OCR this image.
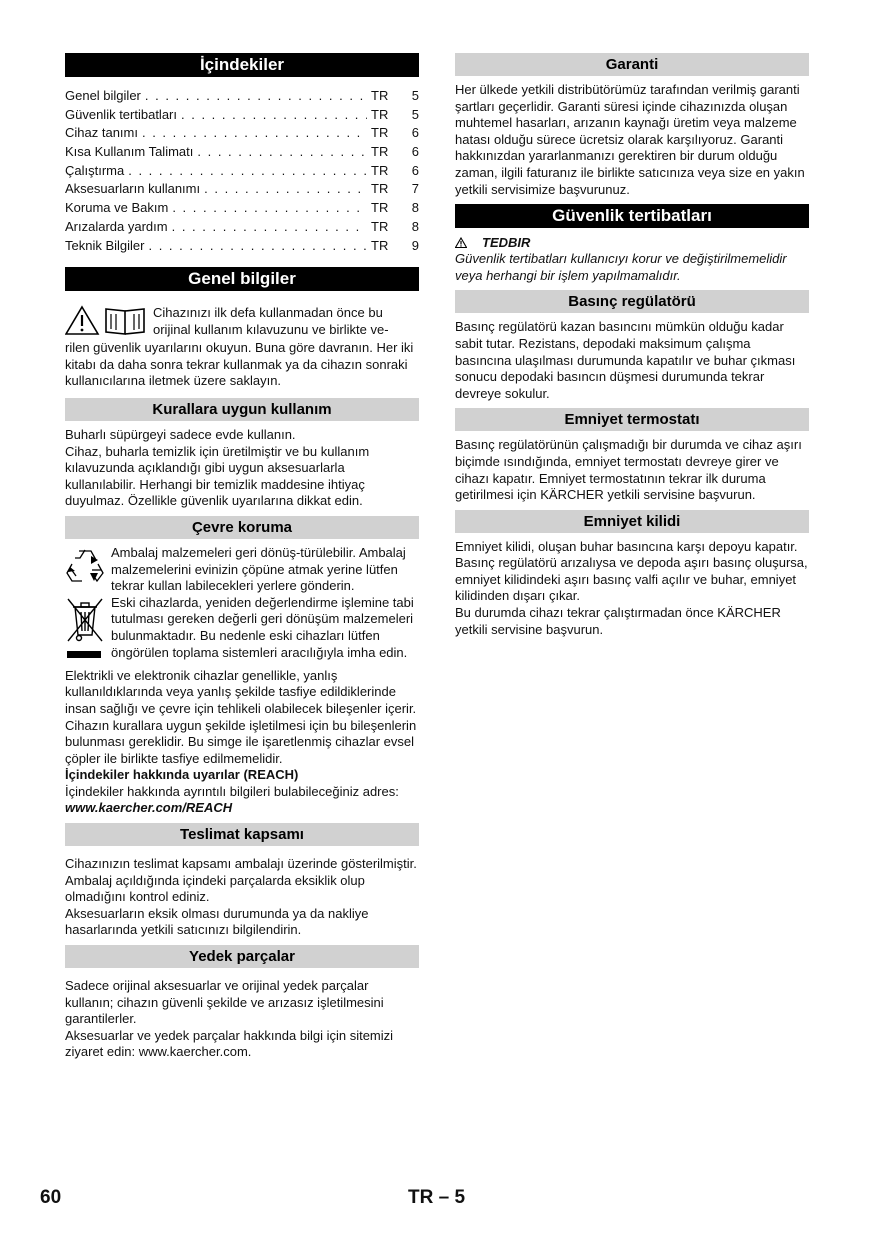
İçindekiler
Genel bilgiler . . .	TR	5
Güvenlik tertibatları . . .	TR	5
Cihaz tanımı . . .	TR	6
Kısa Kullanım Talimatı . . .	TR	6
Çalıştırma . . .	TR	6
Aksesuarların kullanımı . . .	TR	7
Koruma ve Bakım . . .	TR	8
Arızalarda yardım . . .	TR	8
Teknik Bilgiler . . .	TR	9
Genel bilgiler

Cihazınızı ilk defa kullanmadan önce bu orijinal kullanım kılavuzunu ve birlikte ve-

rilen güvenlik uyarılarını okuyun. Buna göre davranın. Her iki kitabı da daha sonra tekrar kullanmak ya da cihazın sonraki kullanıcılarına iletmek üzere saklayın.

Kurallara uygun kullanım

Buharlı süpürgeyi sadece evde kullanın.

Cihaz, buharla temizlik için üretilmiştir ve bu kullanım kılavuzunda açıklandığı gibi uygun aksesuarlarla kullanılabilir. Herhangi bir temizlik maddesine ihtiyaç duyulmaz. Özellikle güvenlik uyarılarına dikkat edin.

Çevre koruma

Ambalaj malzemeleri geri dönüş-türülebilir. Ambalaj malzemelerini evinizin çöpüne atmak yerine lütfen tekrar kullan labilecekleri yerlere gönderin.

Eski cihazlarda, yeniden değerlendirme işlemine tabi tutulması gereken değerli geri dönüşüm malzemeleri bulunmaktadır. Bu nedenle eski cihazları lütfen öngörülen toplama sistemleri aracılığıyla imha edin.

Elektrikli ve elektronik cihazlar genellikle, yanlış kullanıldıklarında veya yanlış şekilde tasfiye edildiklerinde insan sağlığı ve çevre için tehlikeli olabilecek bileşenler içerir. Cihazın kurallara uygun şekilde işletilmesi için bu bileşenlerin bulunması gereklidir. Bu simge ile işaretlenmiş cihazlar evsel çöpler ile birlikte tasfiye edilmemelidir.

İçindekiler hakkında uyarılar (REACH)

İçindekiler hakkında ayrıntılı bilgileri bulabileceğiniz adres:

www.kaercher.com/REACH

Teslimat kapsamı

Cihazınızın teslimat kapsamı ambalajı üzerinde gösterilmiştir. Ambalaj açıldığında içindeki parçalarda eksiklik olup olmadığını kontrol ediniz.

Aksesuarların eksik olması durumunda ya da nakliye hasarlarında yetkili satıcınızı bilgilendirin.

Yedek parçalar

Sadece orijinal aksesuarlar ve orijinal yedek parçalar kullanın; cihazın güvenli şekilde ve arızasız işletilmesini garantilerler.

Aksesuarlar ve yedek parçalar hakkında bilgi için sitemizi ziyaret edin: www.kaercher.com.

Garanti

Her ülkede yetkili distribütörümüz tarafından verilmiş garanti şartları geçerlidir. Garanti süresi içinde cihazınızda oluşan muhtemel hasarları, arızanın kaynağı üretim veya malzeme hatası olduğu sürece ücretsiz olarak karşılıyoruz. Garanti hakkınızdan yararlanmanızı gerektiren bir durum olduğu zaman, ilgili faturanız ile birlikte satıcınıza veya size en yakın yetkili servisimize başvurunuz.

Güvenlik tertibatları
TEDBIR

Güvenlik tertibatları kullanıcıyı korur ve değiştirilmemelidir veya herhangi bir işlem yapılmamalıdır.

Basınç regülatörü

Basınç regülatörü kazan basıncını mümkün olduğu kadar sabit tutar. Rezistans, depodaki maksimum çalışma basıncına ulaşılması durumunda kapatılır ve buhar çıkması sonucu depodaki basıncın düşmesi durumunda tekrar devreye sokulur.

Emniyet termostatı

Basınç regülatörünün çalışmadığı bir durumda ve cihaz aşırı biçimde ısındığında, emniyet termostatı devreye girer ve cihazı kapatır. Emniyet termostatının tekrar ilk duruma getirilmesi için KÄRCHER yetkili servisine başvurun.

Emniyet kilidi

Emniyet kilidi, oluşan buhar basıncına karşı depoyu kapatır. Basınç regülatörü arızalıysa ve depoda aşırı basınç oluşursa, emniyet kilidindeki aşırı basınç valfi açılır ve buhar, emniyet kilidinden dışarı çıkar.

Bu durumda cihazı tekrar çalıştırmadan önce KÄRCHER yetkili servisine başvurun.

60	TR – 5
